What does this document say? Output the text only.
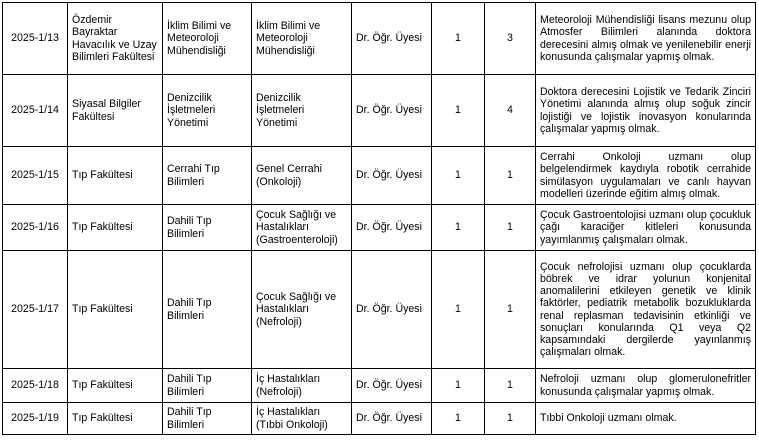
2025-1/13	Özdemir Bayraktar Havacılık ve Uzay Bilimleri Fakültesi	İklim Bilimi ve Meteoroloji Mühendisliği	İklim Bilimi ve Meteoroloji Mühendisliği	Dr. Öğr. Üyesi	1	3	Meteoroloji Mühendisliği lisans mezunu olup Atmosfer Bilimleri alanında doktora derecesini almış olmak ve yenilenebilir enerji konusunda çalışmalar yapmış olmak.
2025-1/14	Siyasal Bilgiler Fakültesi	Denizcilik İşletmeleri Yönetimi	Denizcilik İşletmeleri Yönetimi	Dr. Öğr. Üyesi	1	4	Doktora derecesini Lojistik ve Tedarik Zinciri Yönetimi alanında almış olup soğuk zincir lojistiği ve lojistik inovasyon konularında çalışmalar yapmış olmak.
2025-1/15	Tıp Fakültesi	Cerrahi Tıp Bilimleri	Genel Cerrahi (Onkoloji)	Dr. Öğr. Üyesi	1	1	Cerrahi Onkoloji uzmanı olup belgelendirmek kaydıyla robotik cerrahide simülasyon uygulamaları ve canlı hayvan modelleri üzerinde eğitim almış olmak.
2025-1/16	Tıp Fakültesi	Dahili Tıp Bilimleri	Çocuk Sağlığı ve Hastalıkları (Gastroenteroloji)	Dr. Öğr. Üyesi	1	1	Çocuk Gastroentolojisi uzmanı olup çocukluk çağı karaciğer kitleleri konusunda yayımlanmış çalışmaları olmak.
2025-1/17	Tıp Fakültesi	Dahili Tıp Bilimleri	Çocuk Sağlığı ve Hastalıkları (Nefroloji)	Dr. Öğr. Üyesi	1	1	Çocuk nefrolojisi uzmanı olup çocuklarda böbrek ve idrar yolunun konjenital anomalilerini etkileyen genetik ve klinik faktörler, pediatrik metabolik bozukluklarda renal replasman tedavisinin etkinliği ve sonuçları konularında Q1 veya Q2 kapsamındaki dergilerde yayınlanmış çalışmaları olmak.
2025-1/18	Tıp Fakültesi	Dahili Tıp Bilimleri	İç Hastalıkları (Nefroloji)	Dr. Öğr. Üyesi	1	1	Nefroloji uzmanı olup glomerulonefritler konusunda çalışmalar yapmış olmak.
2025-1/19	Tıp Fakültesi	Dahili Tıp Bilimleri	İç Hastalıkları (Tıbbi Onkoloji)	Dr. Öğr. Üyesi	1	1	Tıbbi Onkoloji uzmanı olmak.
